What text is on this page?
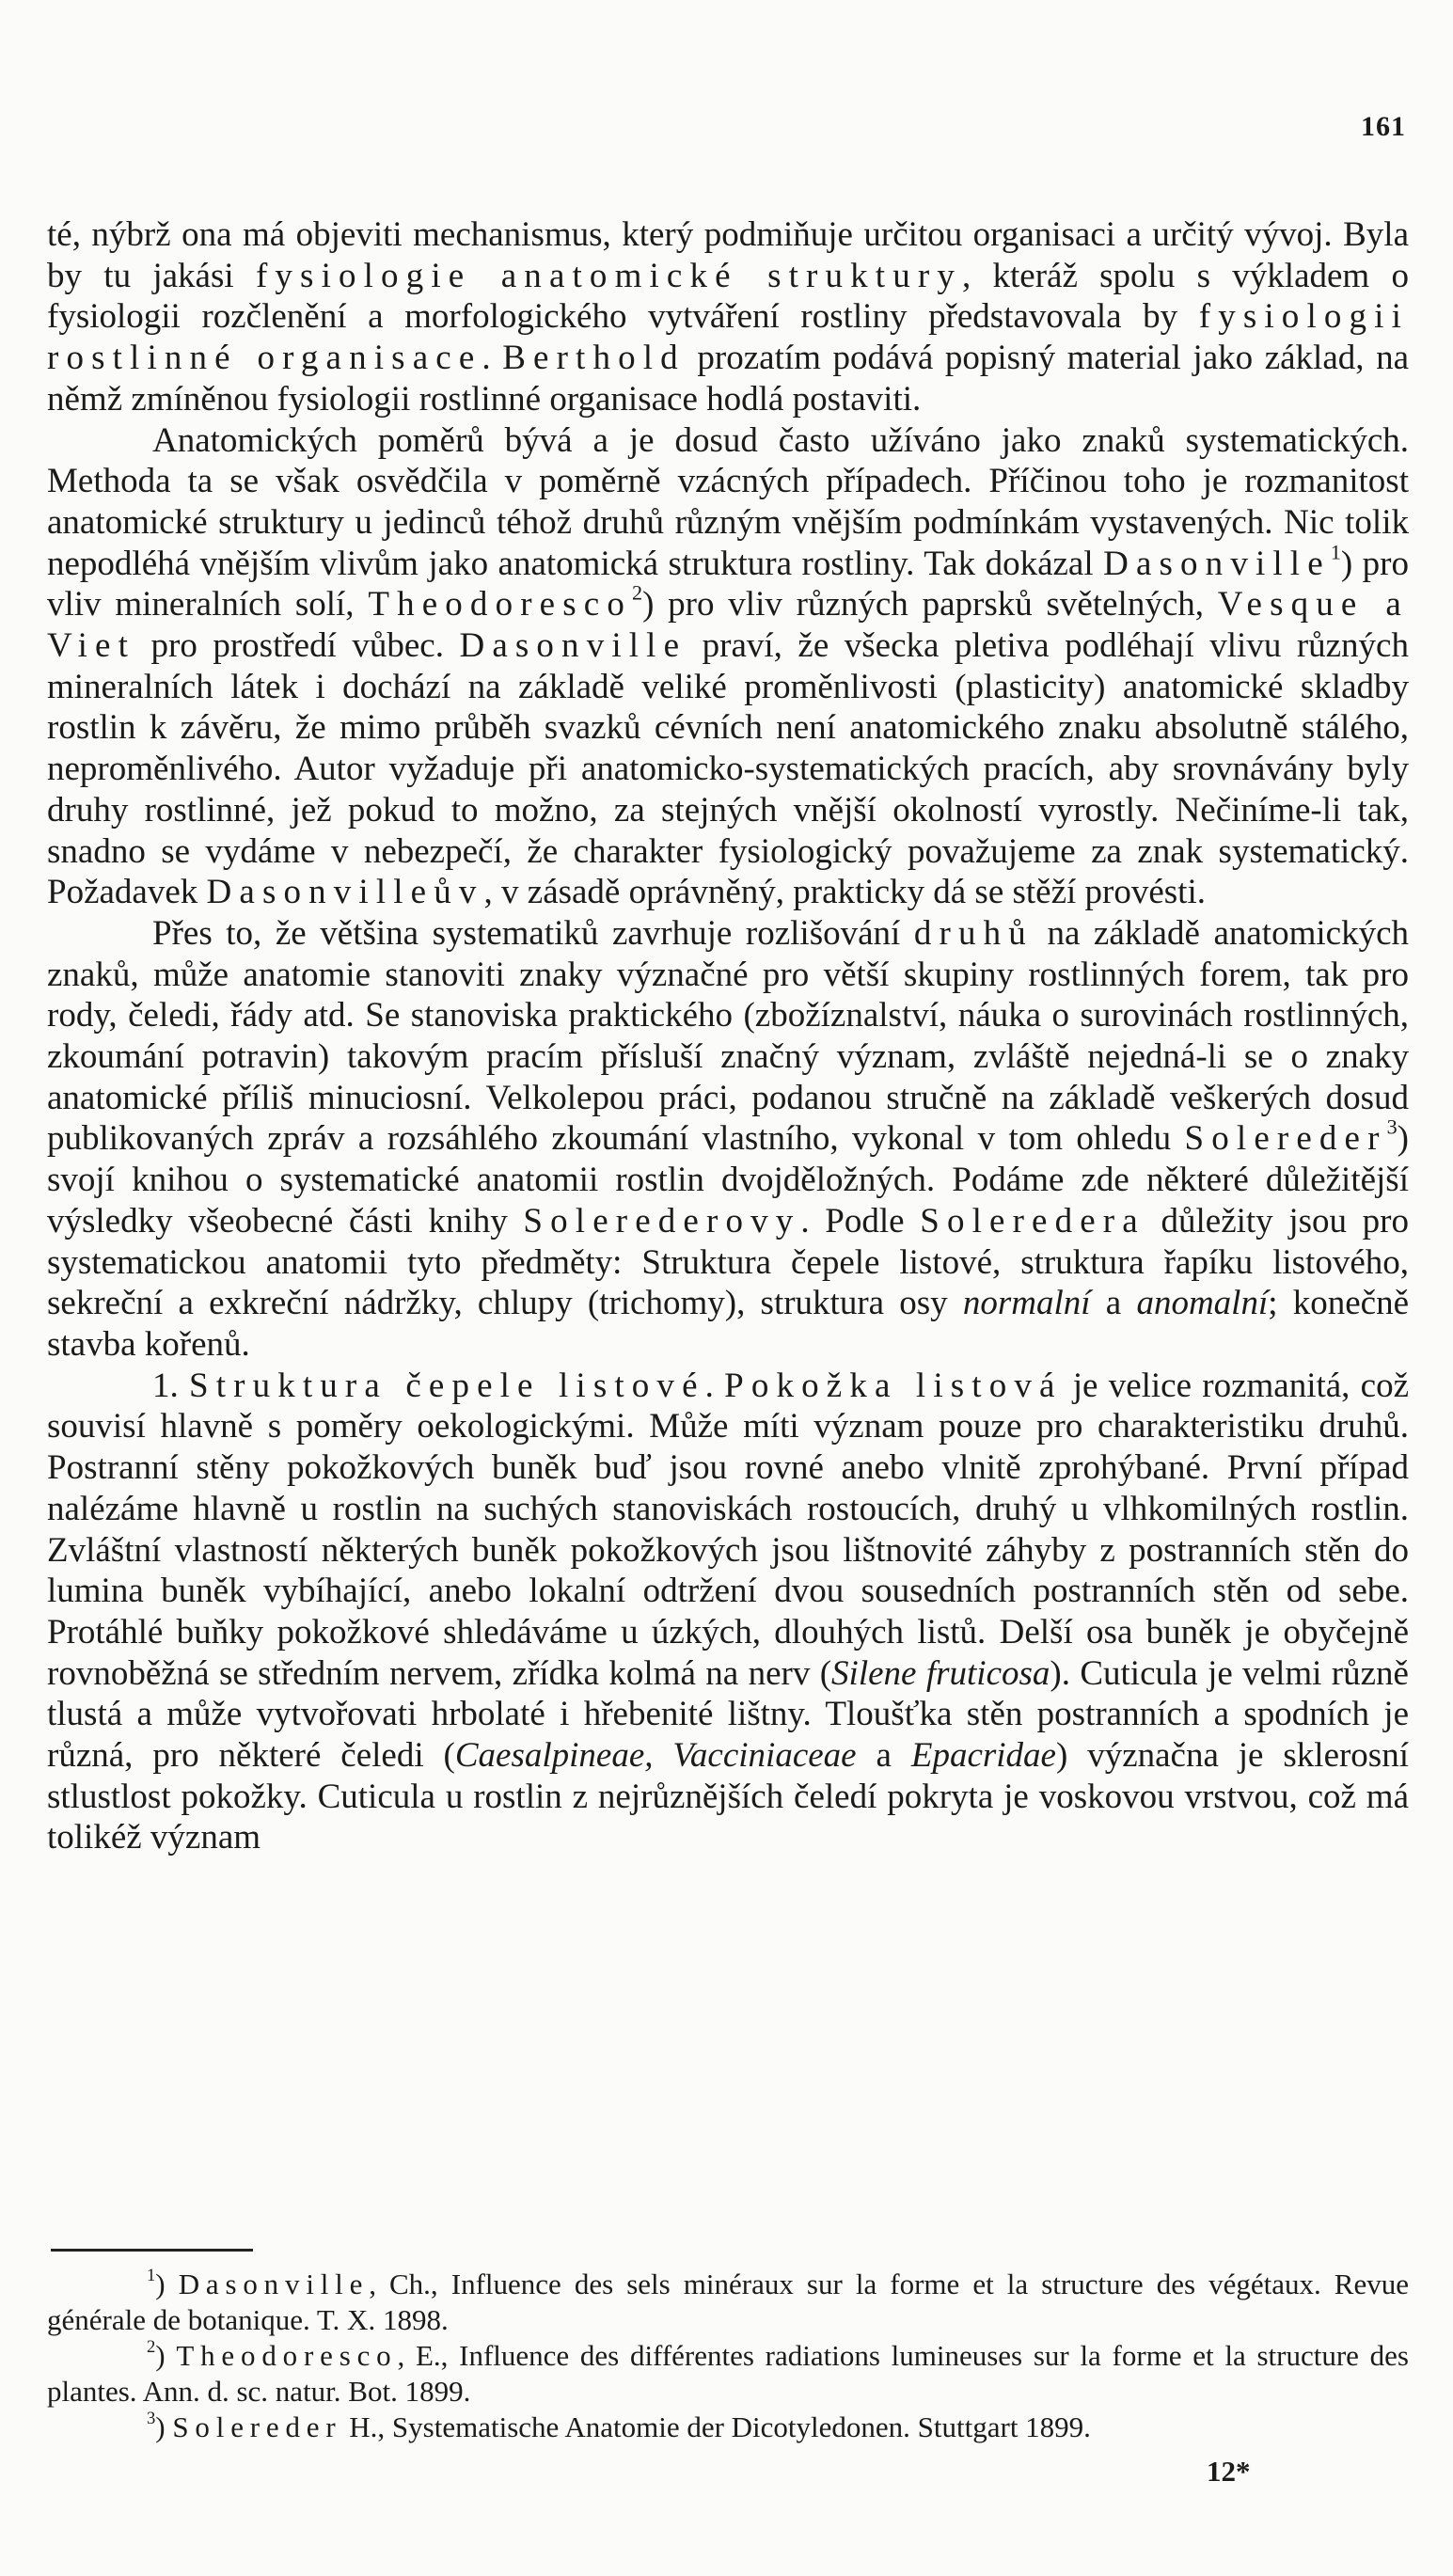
161

té, nýbrž ona má objeviti mechanismus, který podmiňuje určitou organisaci a určitý vývoj. Byla by tu jakási fysiologie anatomické struktury, kteráž spolu s výkladem o fysiologii rozčlenění a morfologického vytváření rostliny představovala by fysiologii rostlinné organisace. Berthold prozatím podává popisný material jako základ, na němž zmíněnou fysiologii rostlinné organisace hodlá postaviti.

Anatomických poměrů bývá a je dosud často užíváno jako znaků systematických. Methoda ta se však osvědčila v poměrně vzácných případech. Příčinou toho je rozmanitost anatomické struktury u jedinců téhož druhů různým vnějším podmínkám vystavených. Nic tolik nepodléhá vnějším vlivům jako anatomická struktura rostliny. Tak dokázal Dasonville$^1$) pro vliv mineralních solí, Theodoresco$^2$) pro vliv různých paprsků světelných, Vesque a Viet pro prostředí vůbec. Dasonville praví, že všecka pletiva podléhají vlivu různých mineralních látek i dochází na základě veliké proměnlivosti (plasticity) anatomické skladby rostlin k závěru, že mimo průběh svazků cévních není anatomického znaku absolutně stálého, neproměnlivého. Autor vyžaduje při anatomicko-systematických pracích, aby srovnávány byly druhy rostlinné, jež pokud to možno, za stejných vnější okolností vyrostly. Nečiníme-li tak, snadno se vydáme v nebezpečí, že charakter fysiologický považujeme za znak systematický. Požadavek Dasonvilleův, v zásadě oprávněný, prakticky dá se stěží provésti.

Přes to, že většina systematiků zavrhuje rozlišování druhů na základě anatomických znaků, může anatomie stanoviti znaky význačné pro větší skupiny rostlinných forem, tak pro rody, čeledi, řády atd. Se stanoviska praktického (zbožíznalství, náuka o surovinách rostlinných, zkoumání potravin) takovým pracím přísluší značný význam, zvláště nejedná-li se o znaky anatomické příliš minuciosní. Velkolepou práci, podanou stručně na základě veškerých dosud publikovaných zpráv a rozsáhlého zkoumání vlastního, vykonal v tom ohledu Solereder$^3$) svojí knihou o systematické anatomii rostlin dvojděložných. Podáme zde některé důležitější výsledky všeobecné části knihy Solerederovy. Podle Soleredera důležity jsou pro systematickou anatomii tyto předměty: Struktura čepele listové, struktura řapíku listového, sekreční a exkreční nádržky, chlupy (trichomy), struktura osy normalní a anomalní; konečně stavba kořenů.

1. Struktura čepele listové. Pokožka listová je velice rozmanitá, což souvisí hlavně s poměry oekologickými. Může míti význam pouze pro charakteristiku druhů. Postranní stěny pokožkových buněk buď jsou rovné anebo vlnitě zprohýbané. První případ nalézáme hlavně u rostlin na suchých stanoviskách rostoucích, druhý u vlhkomilných rostlin. Zvláštní vlastností některých buněk pokožkových jsou lištnovité záhyby z postranních stěn do lumina buněk vybíhající, anebo lokalní odtržení dvou sousedních postranních stěn od sebe. Protáhlé buňky pokožkové shledáváme u úzkých, dlouhých listů. Delší osa buněk je obyčejně rovnoběžná se středním nervem, zřídka kolmá na nerv (Silene fruticosa). Cuticula je velmi různě tlustá a může vytvořovati hrbolaté i hřebenité lištny. Tloušťka stěn postranních a spodních je různá, pro některé čeledi (Caesalpineae, Vacciniaceae a Epacridae) význačna je sklerosní stlustlost pokožky. Cuticula u rostlin z nejrůznějších čeledí pokryta je voskovou vrstvou, což má tolikéž význam

$^1$) Dasonville, Ch., Influence des sels minéraux sur la forme et la structure des végétaux. Revue générale de botanique. T. X. 1898.

$^2$) Theodoresco, E., Influence des différentes radiations lumineuses sur la forme et la structure des plantes. Ann. d. sc. natur. Bot. 1899.

$^3$) Solereder H., Systematische Anatomie der Dicotyledonen. Stuttgart 1899.

12*
